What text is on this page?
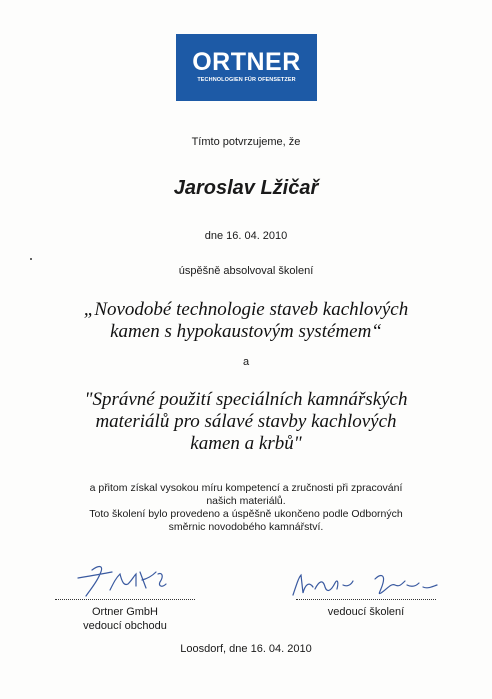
ORTNER
TECHNOLOGIEN FÜR OFENSETZER
Tímto potvrzujeme, že
Jaroslav Lžičař
dne 16. 04. 2010
úspěšně absolvoval školení
„Novodobé technologie staveb kachlových
kamen s hypokaustovým systémem“
a
"Správné použití speciálních kamnářských
materiálů pro sálavé stavby kachlových
kamen a krbů"
a přitom získal vysokou míru kompetencí a zručnosti při zpracování
našich materiálů.
Toto školení bylo provedeno a úspěšně ukončeno podle Odborných
směrnic novodobého kamnářství.
Ortner GmbH
vedoucí obchodu
vedoucí školení
Loosdorf, dne 16. 04. 2010
